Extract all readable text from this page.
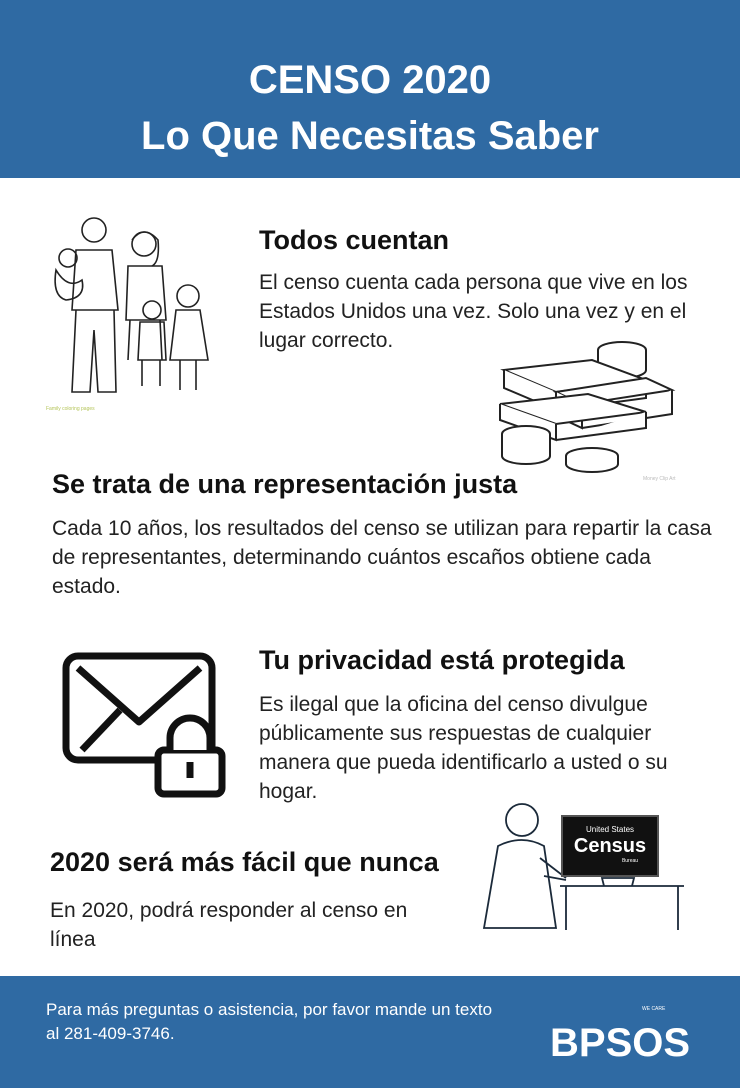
CENSO 2020
Lo Que Necesitas Saber
Family coloring pages
Todos cuentan

El censo cuenta cada persona que vive en los Estados Unidos una vez. Solo una vez y en el lugar correcto.

Money Clip Art
Se trata de una representación justa

Cada 10 años, los resultados del censo se utilizan para repartir la casa de representantes, determinando cuántos escaños obtiene cada estado.

Tu privacidad está protegida

Es ilegal que la oficina del censo divulgue públicamente sus respuestas de cualquier manera que pueda identificarlo a usted o su hogar.

United States
Census
Bureau
2020 será más fácil que nunca

En 2020, podrá responder al censo en línea

Para más preguntas o asistencia, por favor mande un texto al 281-409-3746.	BPSOS
WE CARE
